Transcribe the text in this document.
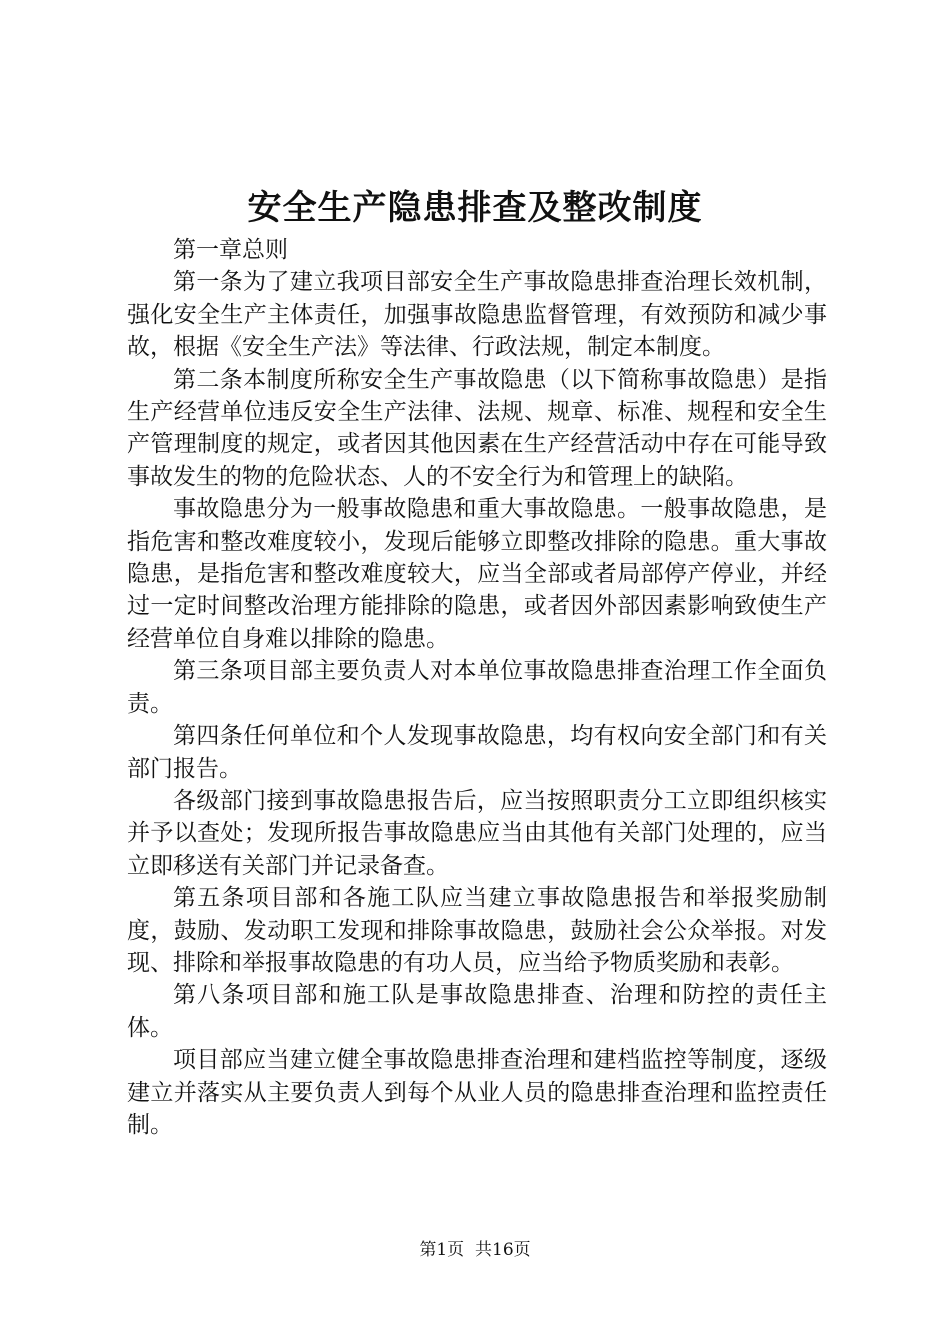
安全生产隐患排查及整改制度

第一章总则

第一条为了建立我项目部安全生产事故隐患排查治理长效机制，强化安全生产主体责任，加强事故隐患监督管理，有效预防和减少事故，根据《安全生产法》等法律、行政法规，制定本制度。

第二条本制度所称安全生产事故隐患（以下简称事故隐患）是指生产经营单位违反安全生产法律、法规、规章、标准、规程和安全生产管理制度的规定，或者因其他因素在生产经营活动中存在可能导致事故发生的物的危险状态、人的不安全行为和管理上的缺陷。

事故隐患分为一般事故隐患和重大事故隐患。一般事故隐患，是指危害和整改难度较小，发现后能够立即整改排除的隐患。重大事故隐患，是指危害和整改难度较大，应当全部或者局部停产停业，并经过一定时间整改治理方能排除的隐患，或者因外部因素影响致使生产经营单位自身难以排除的隐患。

第三条项目部主要负责人对本单位事故隐患排查治理工作全面负责。

第四条任何单位和个人发现事故隐患，均有权向安全部门和有关部门报告。

各级部门接到事故隐患报告后，应当按照职责分工立即组织核实并予以查处；发现所报告事故隐患应当由其他有关部门处理的，应当立即移送有关部门并记录备查。

第五条项目部和各施工队应当建立事故隐患报告和举报奖励制度，鼓励、发动职工发现和排除事故隐患，鼓励社会公众举报。对发现、排除和举报事故隐患的有功人员，应当给予物质奖励和表彰。

第八条项目部和施工队是事故隐患排查、治理和防控的责任主体。

项目部应当建立健全事故隐患排查治理和建档监控等制度，逐级建立并落实从主要负责人到每个从业人员的隐患排查治理和监控责任制。

第1页 共16页
